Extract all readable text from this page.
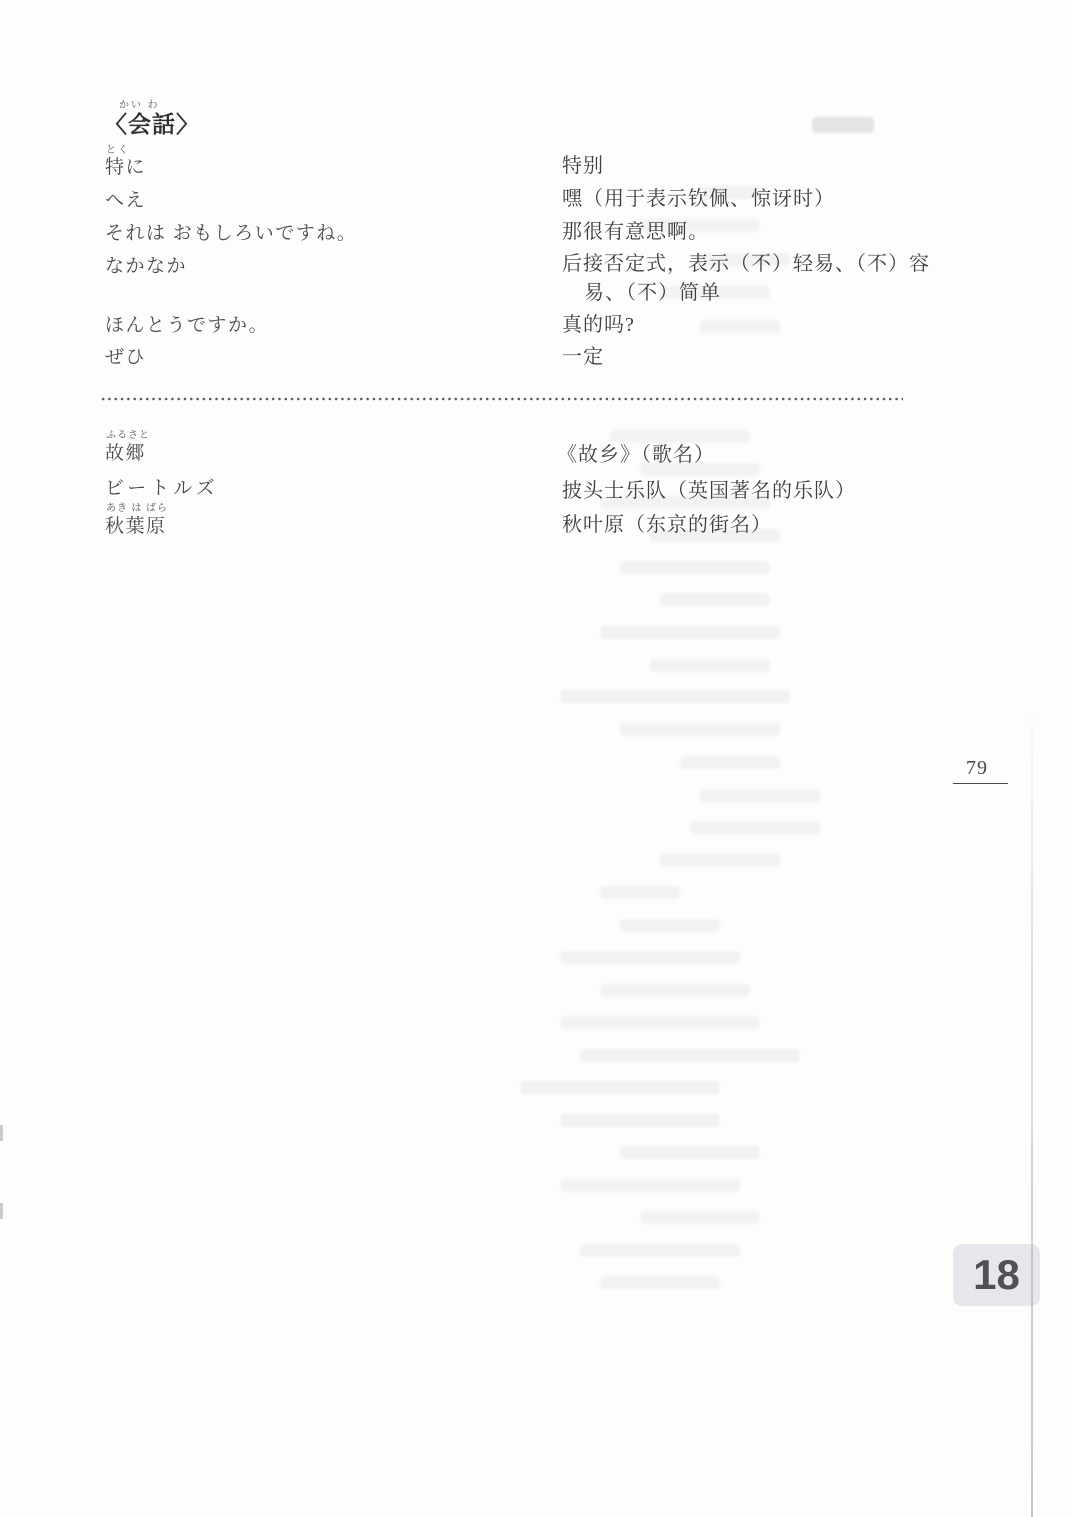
かい わ
〈会話〉
とく
特に	特别
へえ	嘿（用于表示钦佩、惊讶时）
それは おもしろいですね。	那很有意思啊。
なかなか	后接否定式，表示（不）轻易、（不）容
易、（不）简单
ほんとうですか。	真的吗?
ぜひ	一定
ふるさと
故郷	《故乡》（歌名）
ビートルズ	披头士乐队（英国著名的乐队）
あき は ばら
秋葉原	秋叶原（东京的街名）
79
18
